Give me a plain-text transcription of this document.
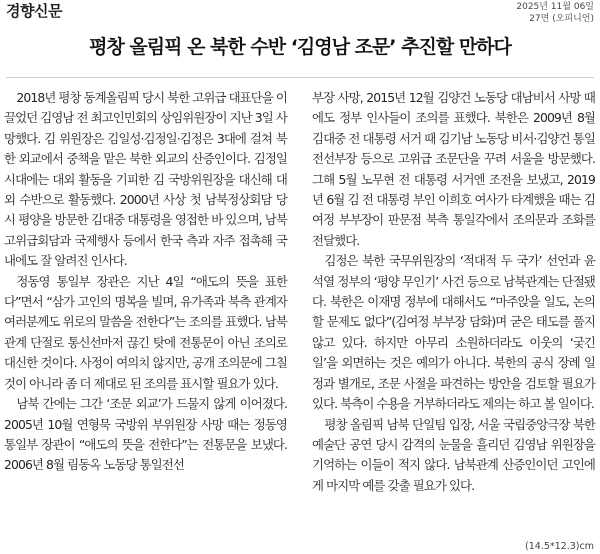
경향신문	2025년 11월 06일
27면 (오피니언)
평창 올림픽 온 북한 수반 ‘김영남 조문’ 추진할 만하다

2018년 평창 동계올림픽 당시 북한 고위급 대표단을 이끌었던 김영남 전 최고인민회의 상임위원장이 지난 3일 사망했다. 김 위원장은 김일성·김정일·김정은 3대에 걸쳐 북한 외교에서 중책을 맡은 북한 외교의 산증인이다. 김정일 시대에는 대외 활동을 기피한 김 국방위원장을 대신해 대외 수반으로 활동했다. 2000년 사상 첫 남북정상회담 당시 평양을 방문한 김대중 대통령을 영접한 바 있으며, 남북 고위급회담과 국제행사 등에서 한국 측과 자주 접촉해 국내에도 잘 알려진 인사다.

정동영 통일부 장관은 지난 4일 “애도의 뜻을 표한다”면서 “삼가 고인의 명복을 빌며, 유가족과 북측 관계자 여러분께도 위로의 말씀을 전한다”는 조의를 표했다. 남북관계 단절로 통신선마저 끊긴 탓에 전통문이 아닌 조의로 대신한 것이다. 사정이 여의치 않지만, 공개 조의문에 그칠 것이 아니라 좀 더 제대로 된 조의를 표시할 필요가 있다.

남북 간에는 그간 ‘조문 외교’가 드물지 않게 이어졌다. 2005년 10월 연형묵 국방위 부위원장 사망 때는 정동영 통일부 장관이 “애도의 뜻을 전한다”는 전통문을 보냈다. 2006년 8월 림동옥 노동당 통일전선

부장 사망, 2015년 12월 김양건 노동당 대남비서 사망 때에도 정부 인사들이 조의를 표했다. 북한은 2009년 8월 김대중 전 대통령 서거 때 김기남 노동당 비서·김양건 통일전선부장 등으로 고위급 조문단을 꾸려 서울을 방문했다. 그해 5월 노무현 전 대통령 서거엔 조전을 보냈고, 2019년 6월 김 전 대통령 부인 이희호 여사가 타계했을 때는 김여정 부부장이 판문점 북측 통일각에서 조의문과 조화를 전달했다.

김정은 북한 국무위원장의 ‘적대적 두 국가’ 선언과 윤석열 정부의 ‘평양 무인기’ 사건 등으로 남북관계는 단절됐다. 북한은 이재명 정부에 대해서도 “마주앉을 일도, 논의할 문제도 없다”(김여정 부부장 담화)며 굳은 태도를 풀지 않고 있다. 하지만 아무리 소원하더라도 이웃의 ‘궂긴 일’을 외면하는 것은 예의가 아니다. 북한의 공식 장례 일정과 별개로, 조문 사절을 파견하는 방안을 검토할 필요가 있다. 북측이 수용을 거부하더라도 제의는 하고 볼 일이다.

평창 올림픽 남북 단일팀 입장, 서울 국립중앙극장 북한 예술단 공연 당시 감격의 눈물을 흘리던 김영남 위원장을 기억하는 이들이 적지 않다. 남북관계 산증인이던 고인에게 마지막 예를 갖출 필요가 있다.

(14.5*12.3)cm
